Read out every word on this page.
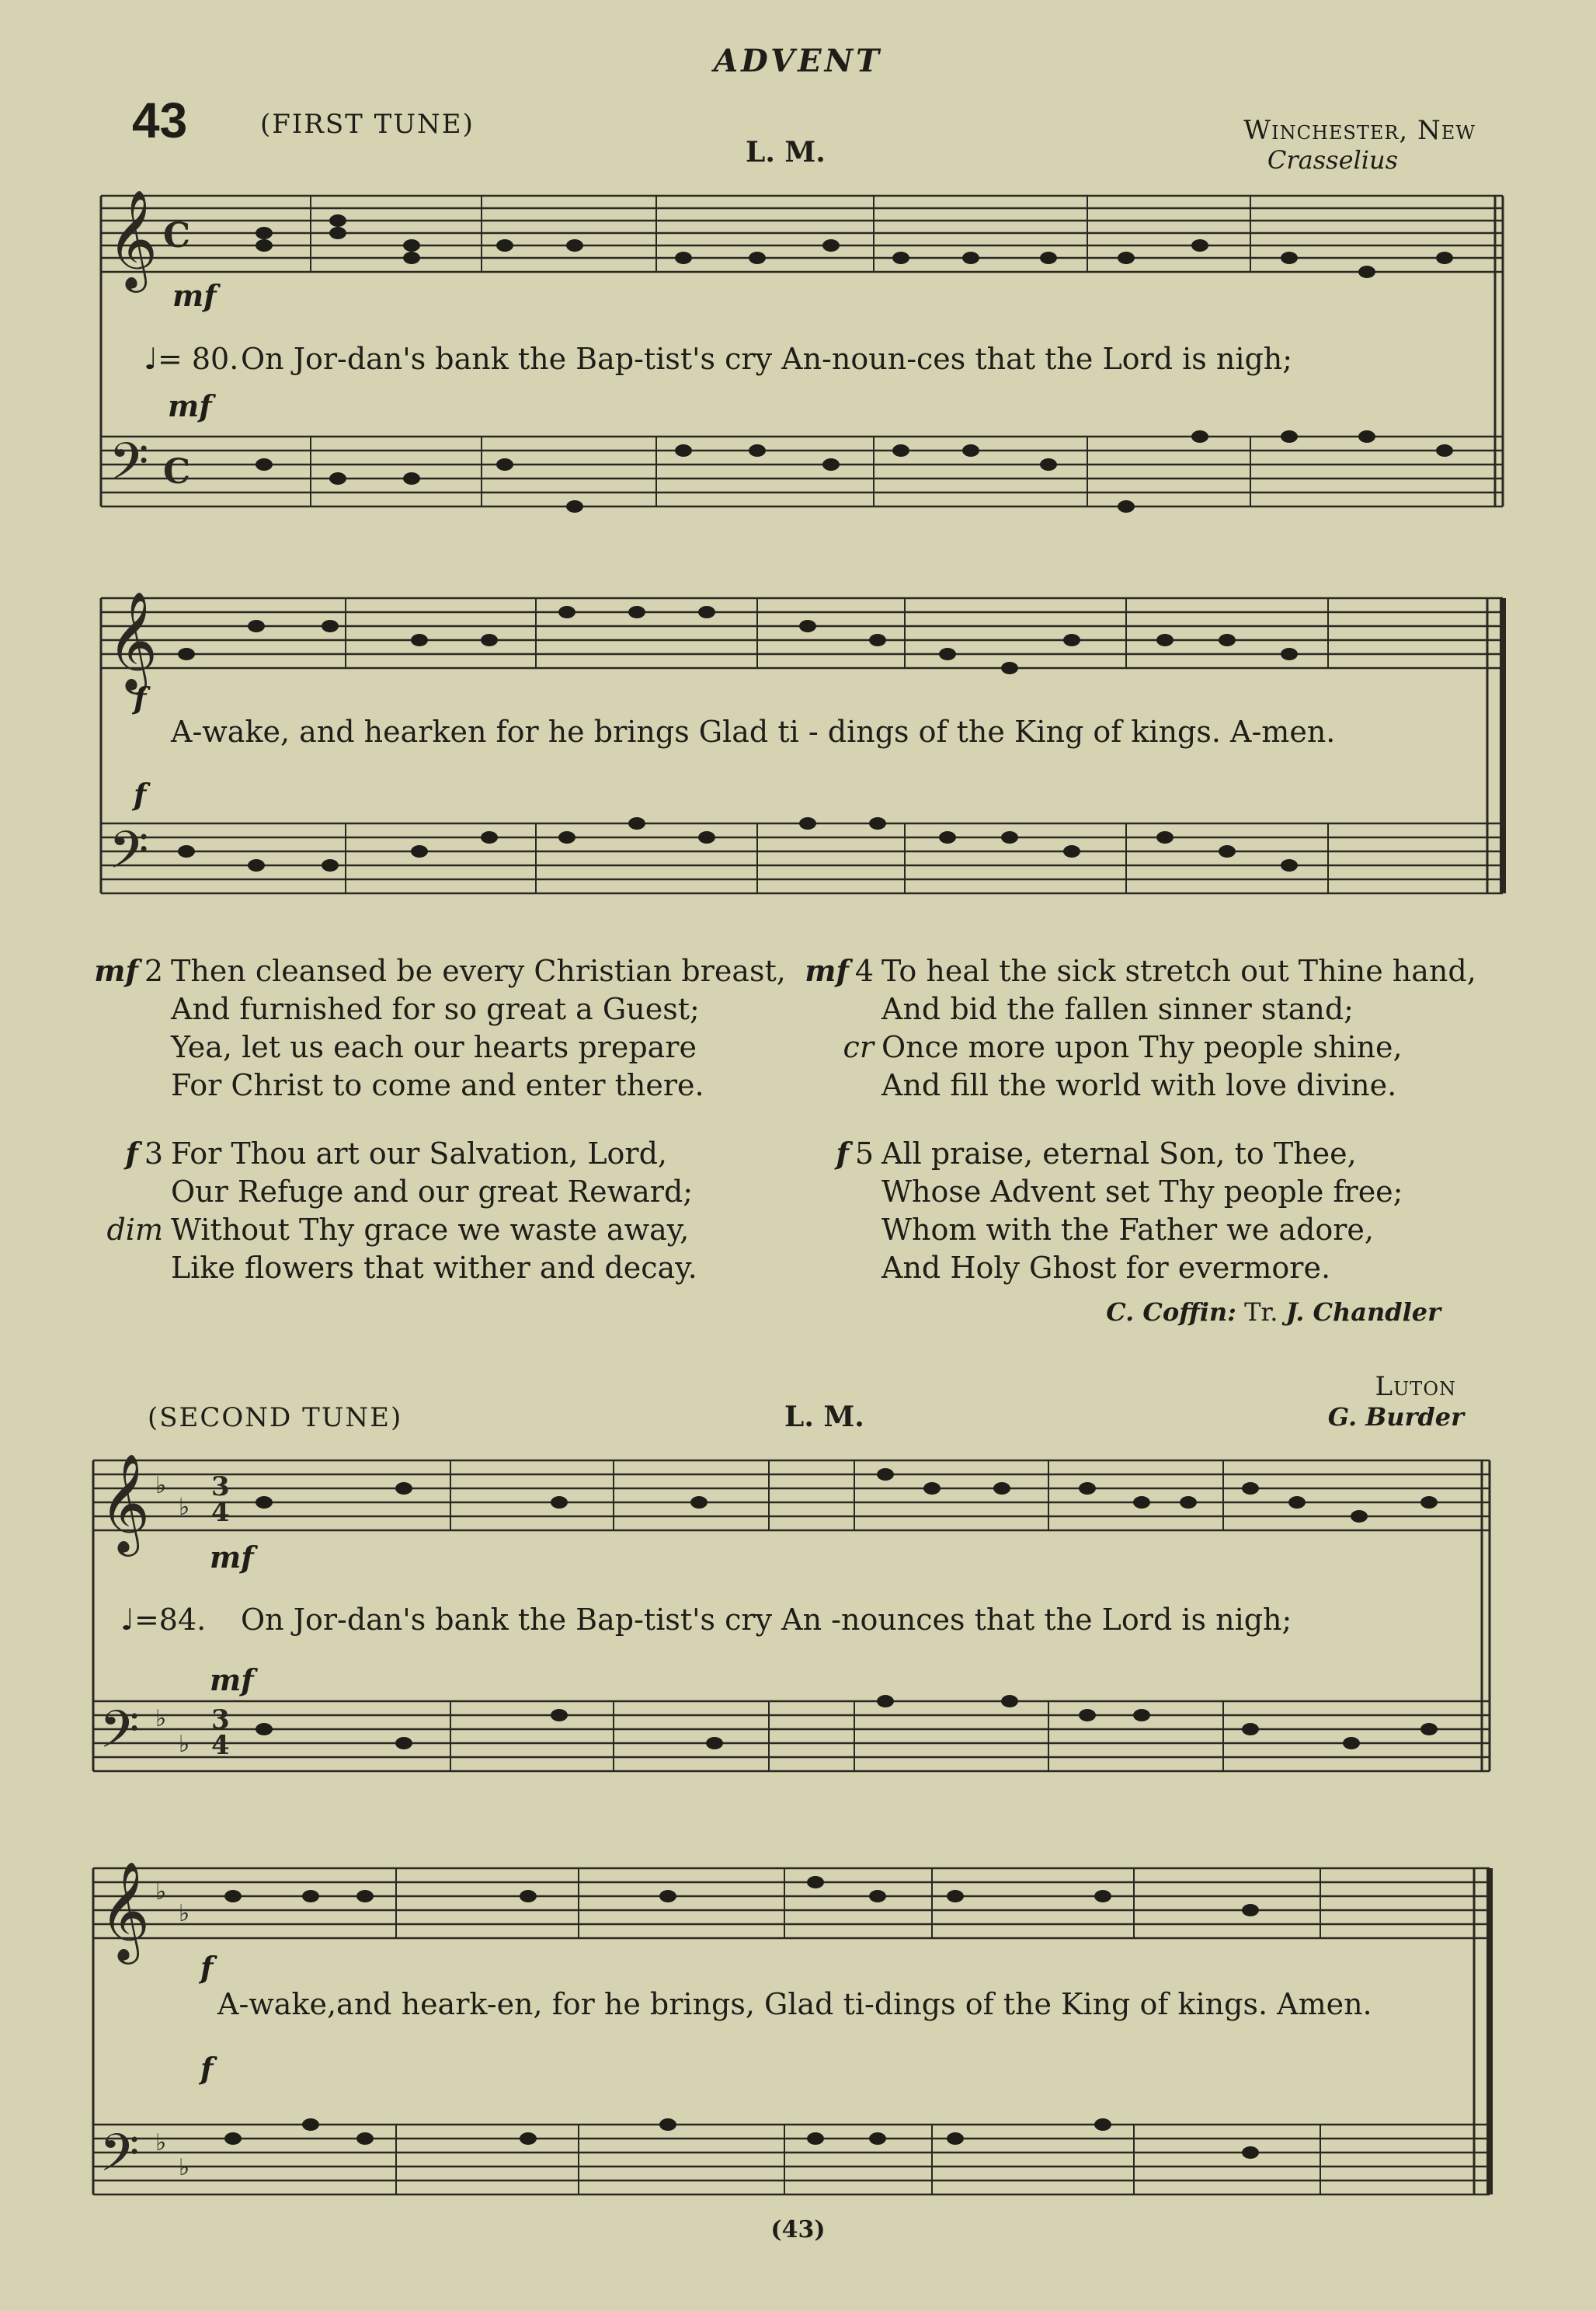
ADVENT
43	(FIRST TUNE)
L. M.
Winchester, New
Crasselius
𝄞 C
𝄢 C
𝄞
𝄢
𝄞 ♭
♭
3
4
𝄢 ♭
♭
3
4
𝄞 ♭
♭
𝄢 ♭
♭
mf
♩= 80. On Jor-dan's bank the Bap-tist's cry An-noun-ces that the Lord is nigh;
mf
f
A-wake, and hearken for he brings Glad ti - dings of the King of kings. A-men.
f
mf 2 Then cleansed be every Christian breast,
And furnished for so great a Guest;
Yea, let us each our hearts prepare
For Christ to come and enter there.
f 3 For Thou art our Salvation, Lord,
Our Refuge and our great Reward;
dim Without Thy grace we waste away,
Like flowers that wither and decay.
mf 4 To heal the sick stretch out Thine hand,
And bid the fallen sinner stand;
cr Once more upon Thy people shine,
And fill the world with love divine.
f 5 All praise, eternal Son, to Thee,
Whose Advent set Thy people free;
Whom with the Father we adore,
And Holy Ghost for evermore.
C. Coffin: Tr. J. Chandler
(SECOND TUNE)	L. M.
Luton
G. Burder
mf
♩=84. On Jor-dan's bank the Bap-tist's cry An -nounces that the Lord is nigh;
mf
f
A-wake,and heark-en, for he brings, Glad ti-dings of the King of kings. Amen.
f
(43)
